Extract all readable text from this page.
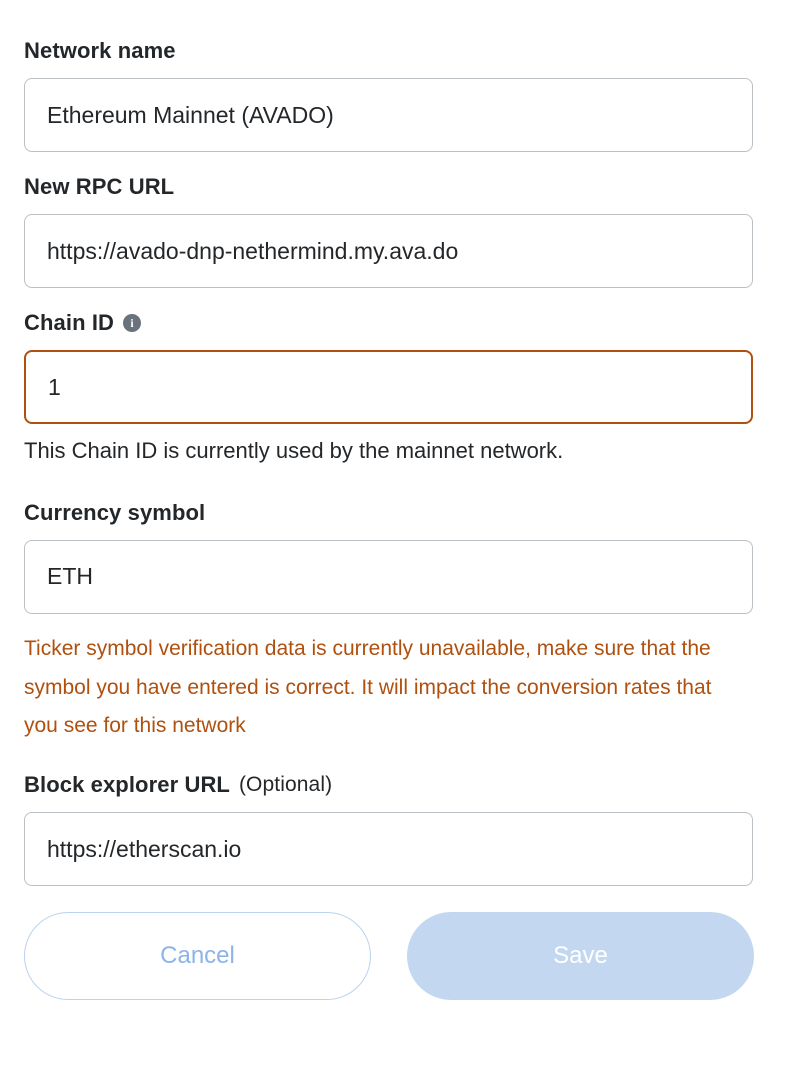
Network name
Ethereum Mainnet (AVADO)
New RPC URL
https://avado-dnp-nethermind.my.ava.do
Chain ID	i
1

This Chain ID is currently used by the mainnet network.

Currency symbol
ETH

Ticker symbol verification data is currently unavailable, make sure that the symbol you have entered is correct. It will impact the conversion rates that you see for this network

Block explorer URL (Optional)
https://etherscan.io
Cancel	Save
